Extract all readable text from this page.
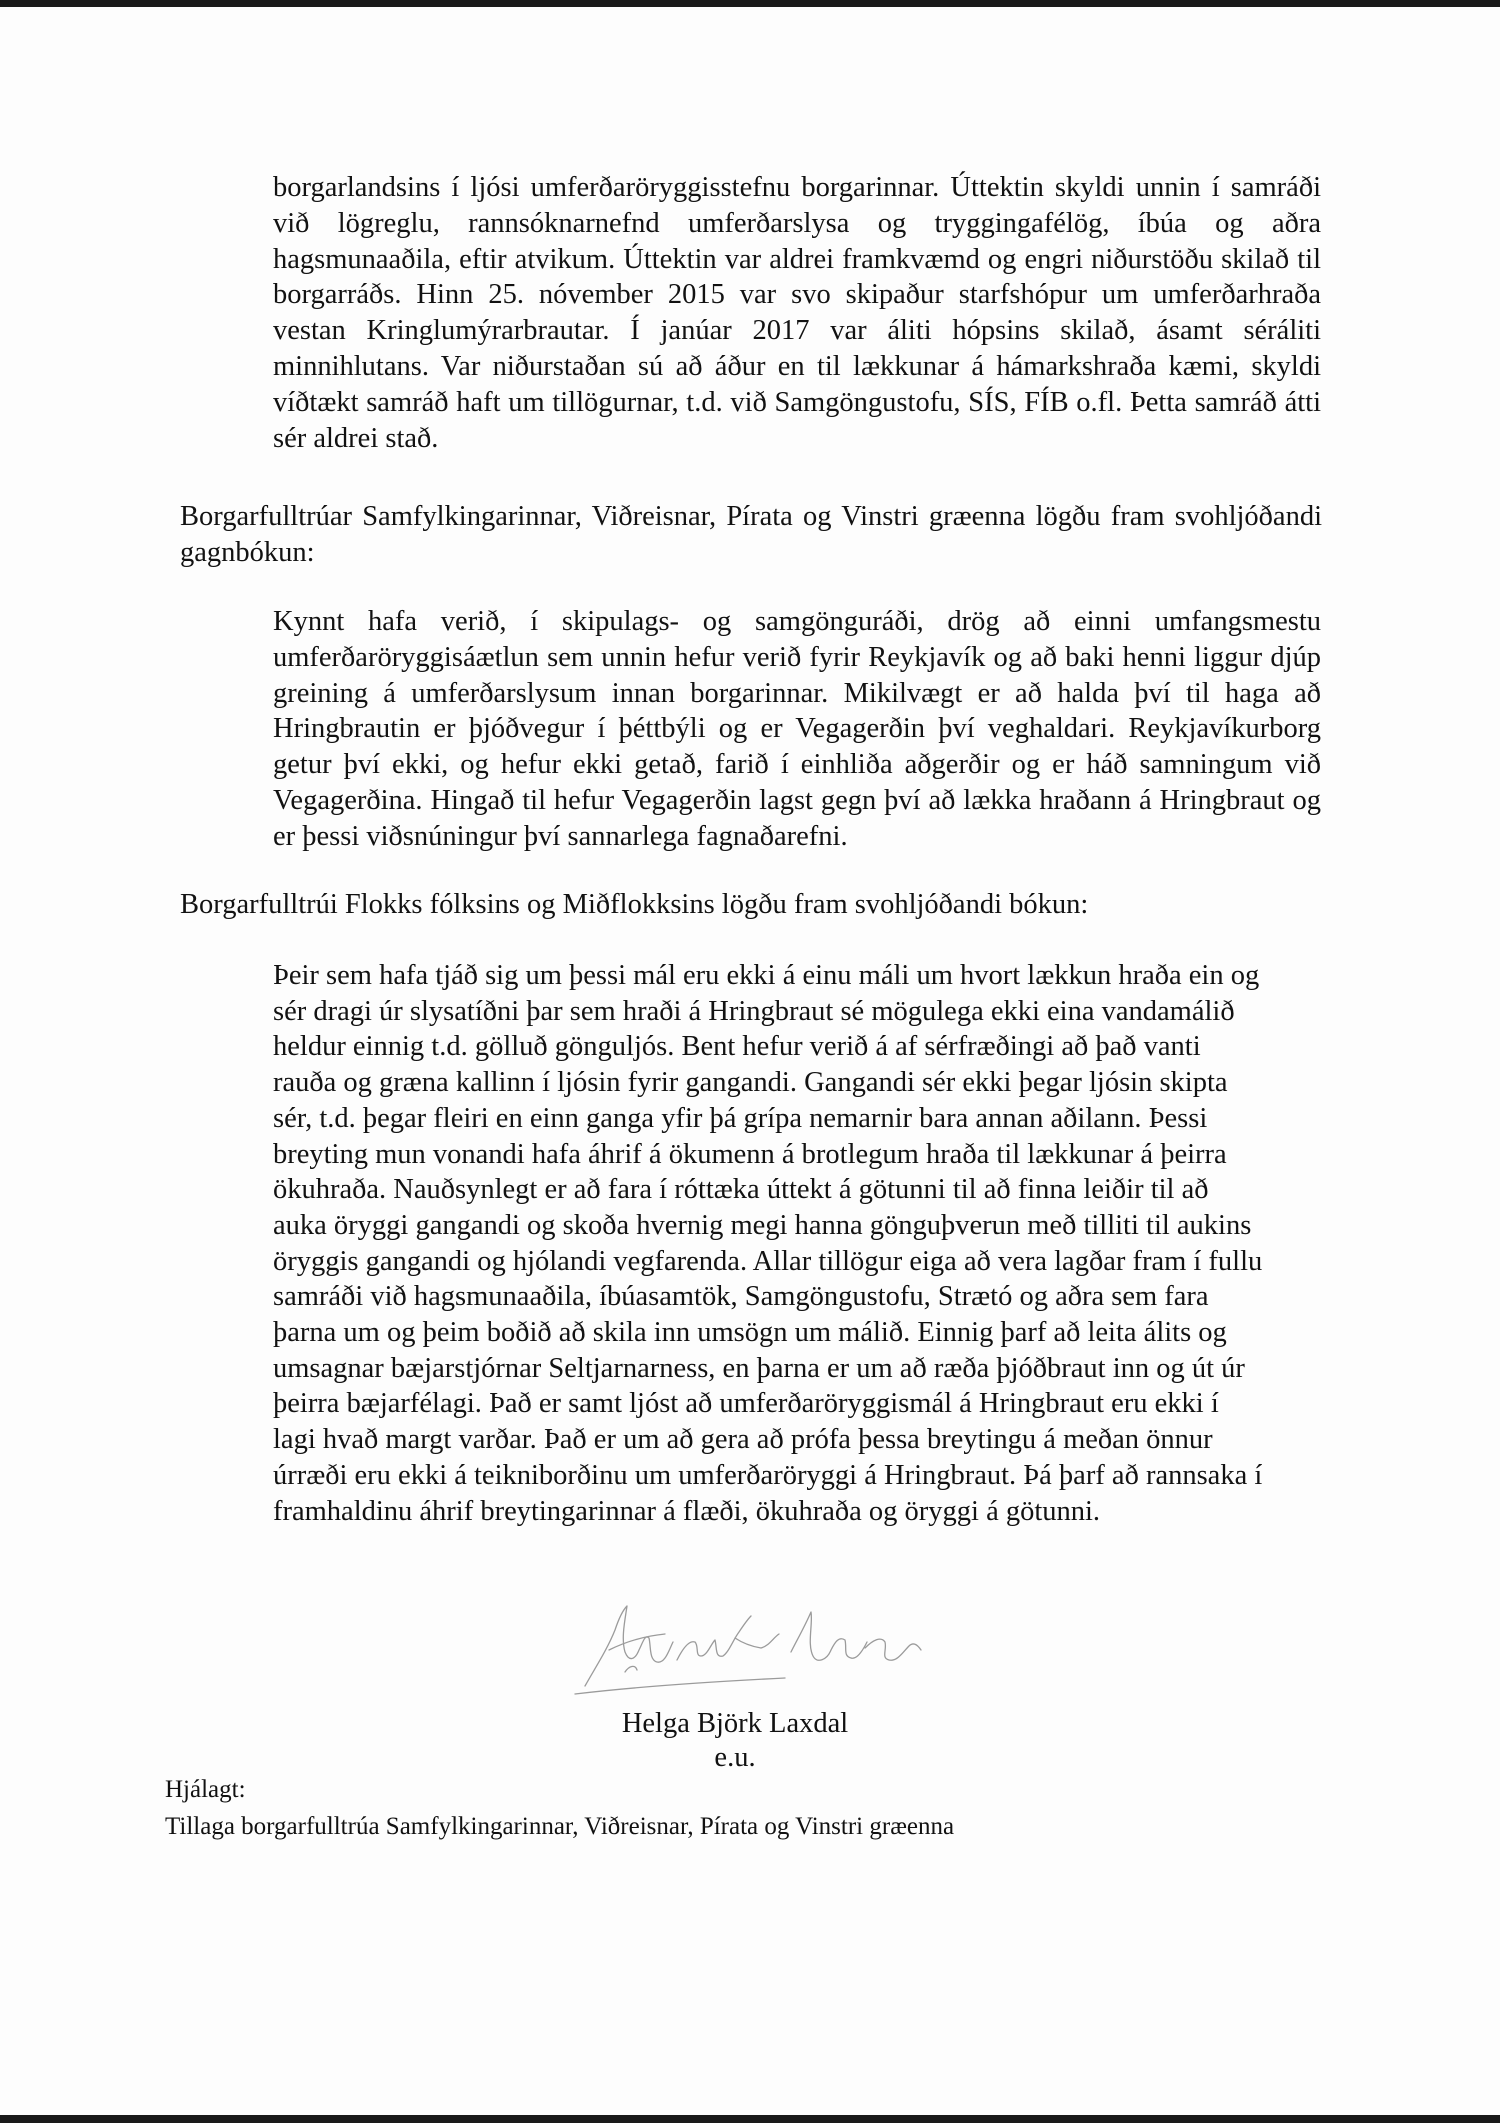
borgarlandsins í ljósi umferðaröryggisstefnu borgarinnar. Úttektin skyldi unnin í samráði við lögreglu, rannsóknarnefnd umferðarslysa og tryggingafélög, íbúa og aðra hagsmunaaðila, eftir atvikum. Úttektin var aldrei framkvæmd og engri niðurstöðu skilað til borgarráðs. Hinn 25. nóvember 2015 var svo skipaður starfshópur um umferðarhraða vestan Kringlumýrarbrautar. Í janúar 2017 var áliti hópsins skilað, ásamt séráliti minnihlutans. Var niðurstaðan sú að áður en til lækkunar á hámarkshraða kæmi, skyldi víðtækt samráð haft um tillögurnar, t.d. við Samgöngustofu, SÍS, FÍB o.fl. Þetta samráð átti sér aldrei stað.

Borgarfulltrúar Samfylkingarinnar, Viðreisnar, Pírata og Vinstri græenna lögðu fram svohljóðandi gagnbókun:

Kynnt hafa verið, í skipulags- og samgönguráði, drög að einni umfangsmestu umferðaröryggisáætlun sem unnin hefur verið fyrir Reykjavík og að baki henni liggur djúp greining á umferðarslysum innan borgarinnar. Mikilvægt er að halda því til haga að Hringbrautin er þjóðvegur í þéttbýli og er Vegagerðin því veghaldari. Reykjavíkurborg getur því ekki, og hefur ekki getað, farið í einhliða aðgerðir og er háð samningum við Vegagerðina. Hingað til hefur Vegagerðin lagst gegn því að lækka hraðann á Hringbraut og er þessi viðsnúningur því sannarlega fagnaðarefni.

Borgarfulltrúi Flokks fólksins og Miðflokksins lögðu fram svohljóðandi bókun:

Þeir sem hafa tjáð sig um þessi mál eru ekki á einu máli um hvort lækkun hraða ein og
sér dragi úr slysatíðni þar sem hraði á Hringbraut sé mögulega ekki eina vandamálið
heldur einnig t.d. gölluð gönguljós. Bent hefur verið á af sérfræðingi að það vanti
rauða og græna kallinn í ljósin fyrir gangandi. Gangandi sér ekki þegar ljósin skipta
sér, t.d. þegar fleiri en einn ganga yfir þá grípa nemarnir bara annan aðilann. Þessi
breyting mun vonandi hafa áhrif á ökumenn á brotlegum hraða til lækkunar á þeirra
ökuhraða. Nauðsynlegt er að fara í róttæka úttekt á götunni til að finna leiðir til að
auka öryggi gangandi og skoða hvernig megi hanna gönguþverun með tilliti til aukins
öryggis gangandi og hjólandi vegfarenda. Allar tillögur eiga að vera lagðar fram í fullu
samráði við hagsmunaaðila, íbúasamtök, Samgöngustofu, Strætó og aðra sem fara
þarna um og þeim boðið að skila inn umsögn um málið. Einnig þarf að leita álits og
umsagnar bæjarstjórnar Seltjarnarness, en þarna er um að ræða þjóðbraut inn og út úr
þeirra bæjarfélagi. Það er samt ljóst að umferðaröryggismál á Hringbraut eru ekki í
lagi hvað margt varðar. Það er um að gera að prófa þessa breytingu á meðan önnur
úrræði eru ekki á teikniborðinu um umferðaröryggi á Hringbraut. Þá þarf að rannsaka í
framhaldinu áhrif breytingarinnar á flæði, ökuhraða og öryggi á götunni.
Helga Björk Laxdal
e.u.
Hjálagt:
Tillaga borgarfulltrúa Samfylkingarinnar, Viðreisnar, Pírata og Vinstri græenna
